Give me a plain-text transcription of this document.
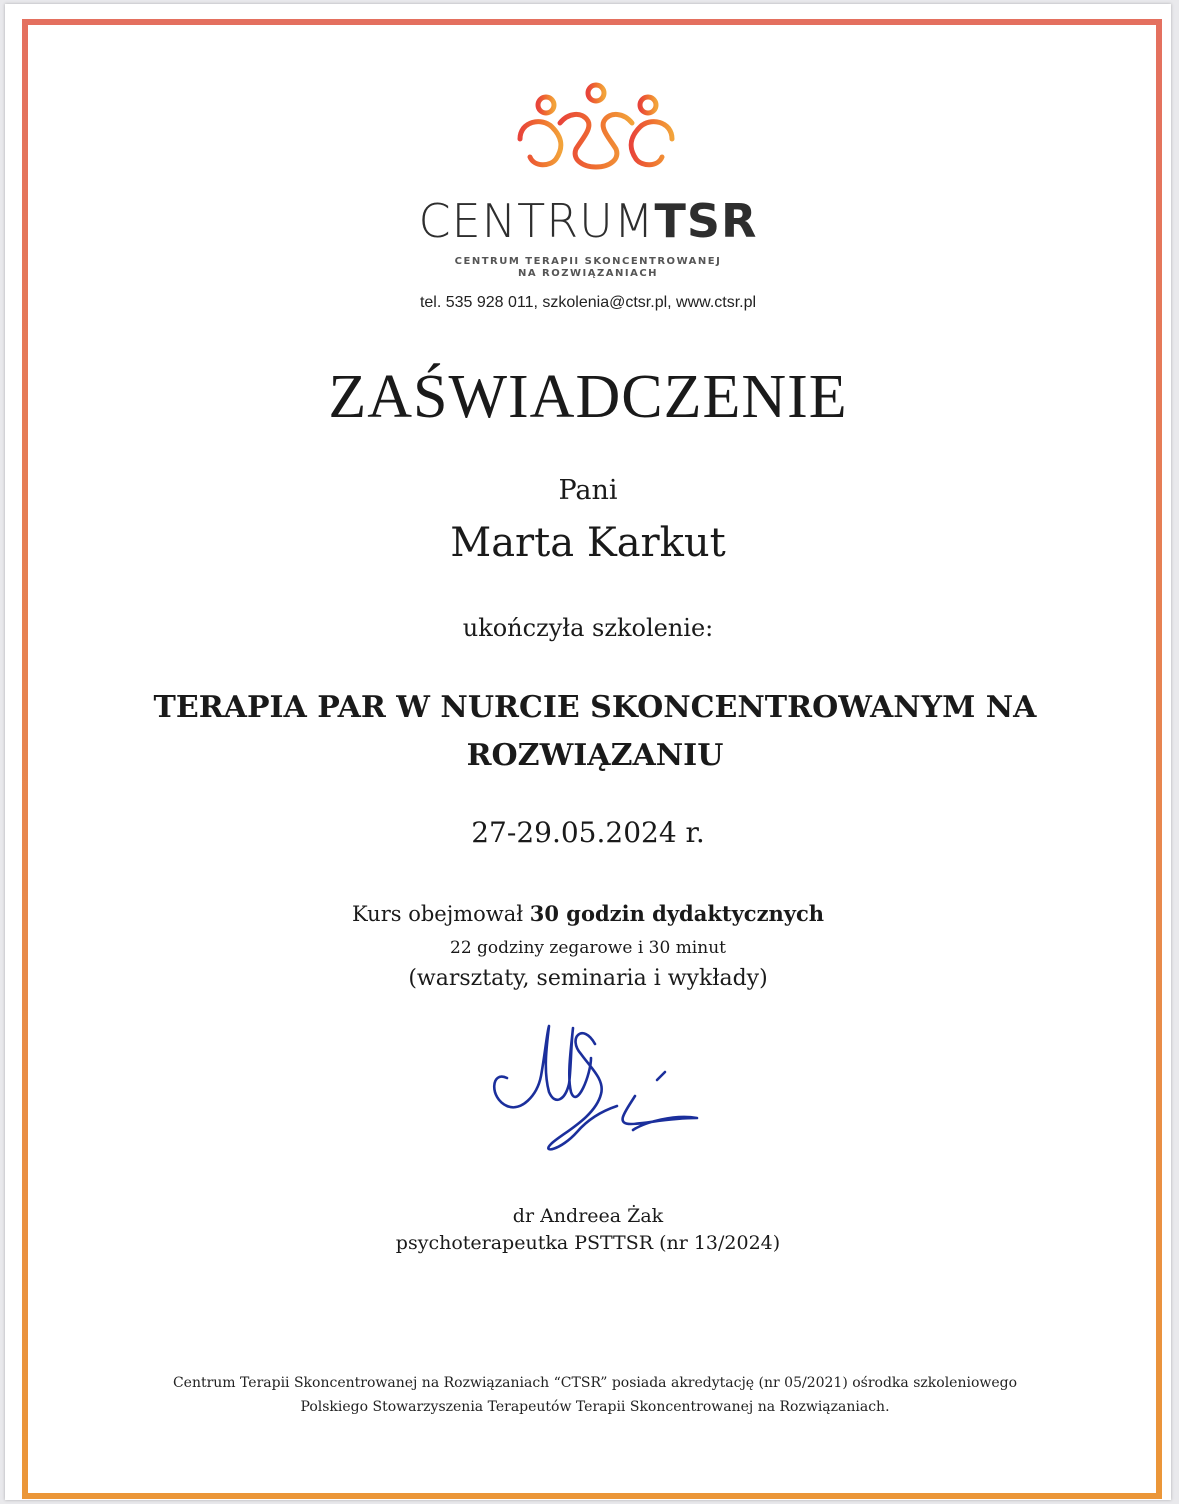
CENTRUMTSR
CENTRUM TERAPII SKONCENTROWANEJ
NA ROZWIĄZANIACH
tel. 535 928 011, szkolenia@ctsr.pl, www.ctsr.pl
ZAŚWIADCZENIE
Pani
Marta Karkut
ukończyła szkolenie:
TERAPIA PAR W NURCIE SKONCENTROWANYM NA ROZWIĄZANIU
27-29.05.2024 r.
Kurs obejmował 30 godzin dydaktycznych
22 godziny zegarowe i 30 minut
(warsztaty, seminaria i wykłady)
dr Andreea Żak
psychoterapeutka PSTTSR (nr 13/2024)
Centrum Terapii Skoncentrowanej na Rozwiązaniach “CTSR” posiada akredytację (nr 05/2021) ośrodka szkoleniowego
Polskiego Stowarzyszenia Terapeutów Terapii Skoncentrowanej na Rozwiązaniach.
